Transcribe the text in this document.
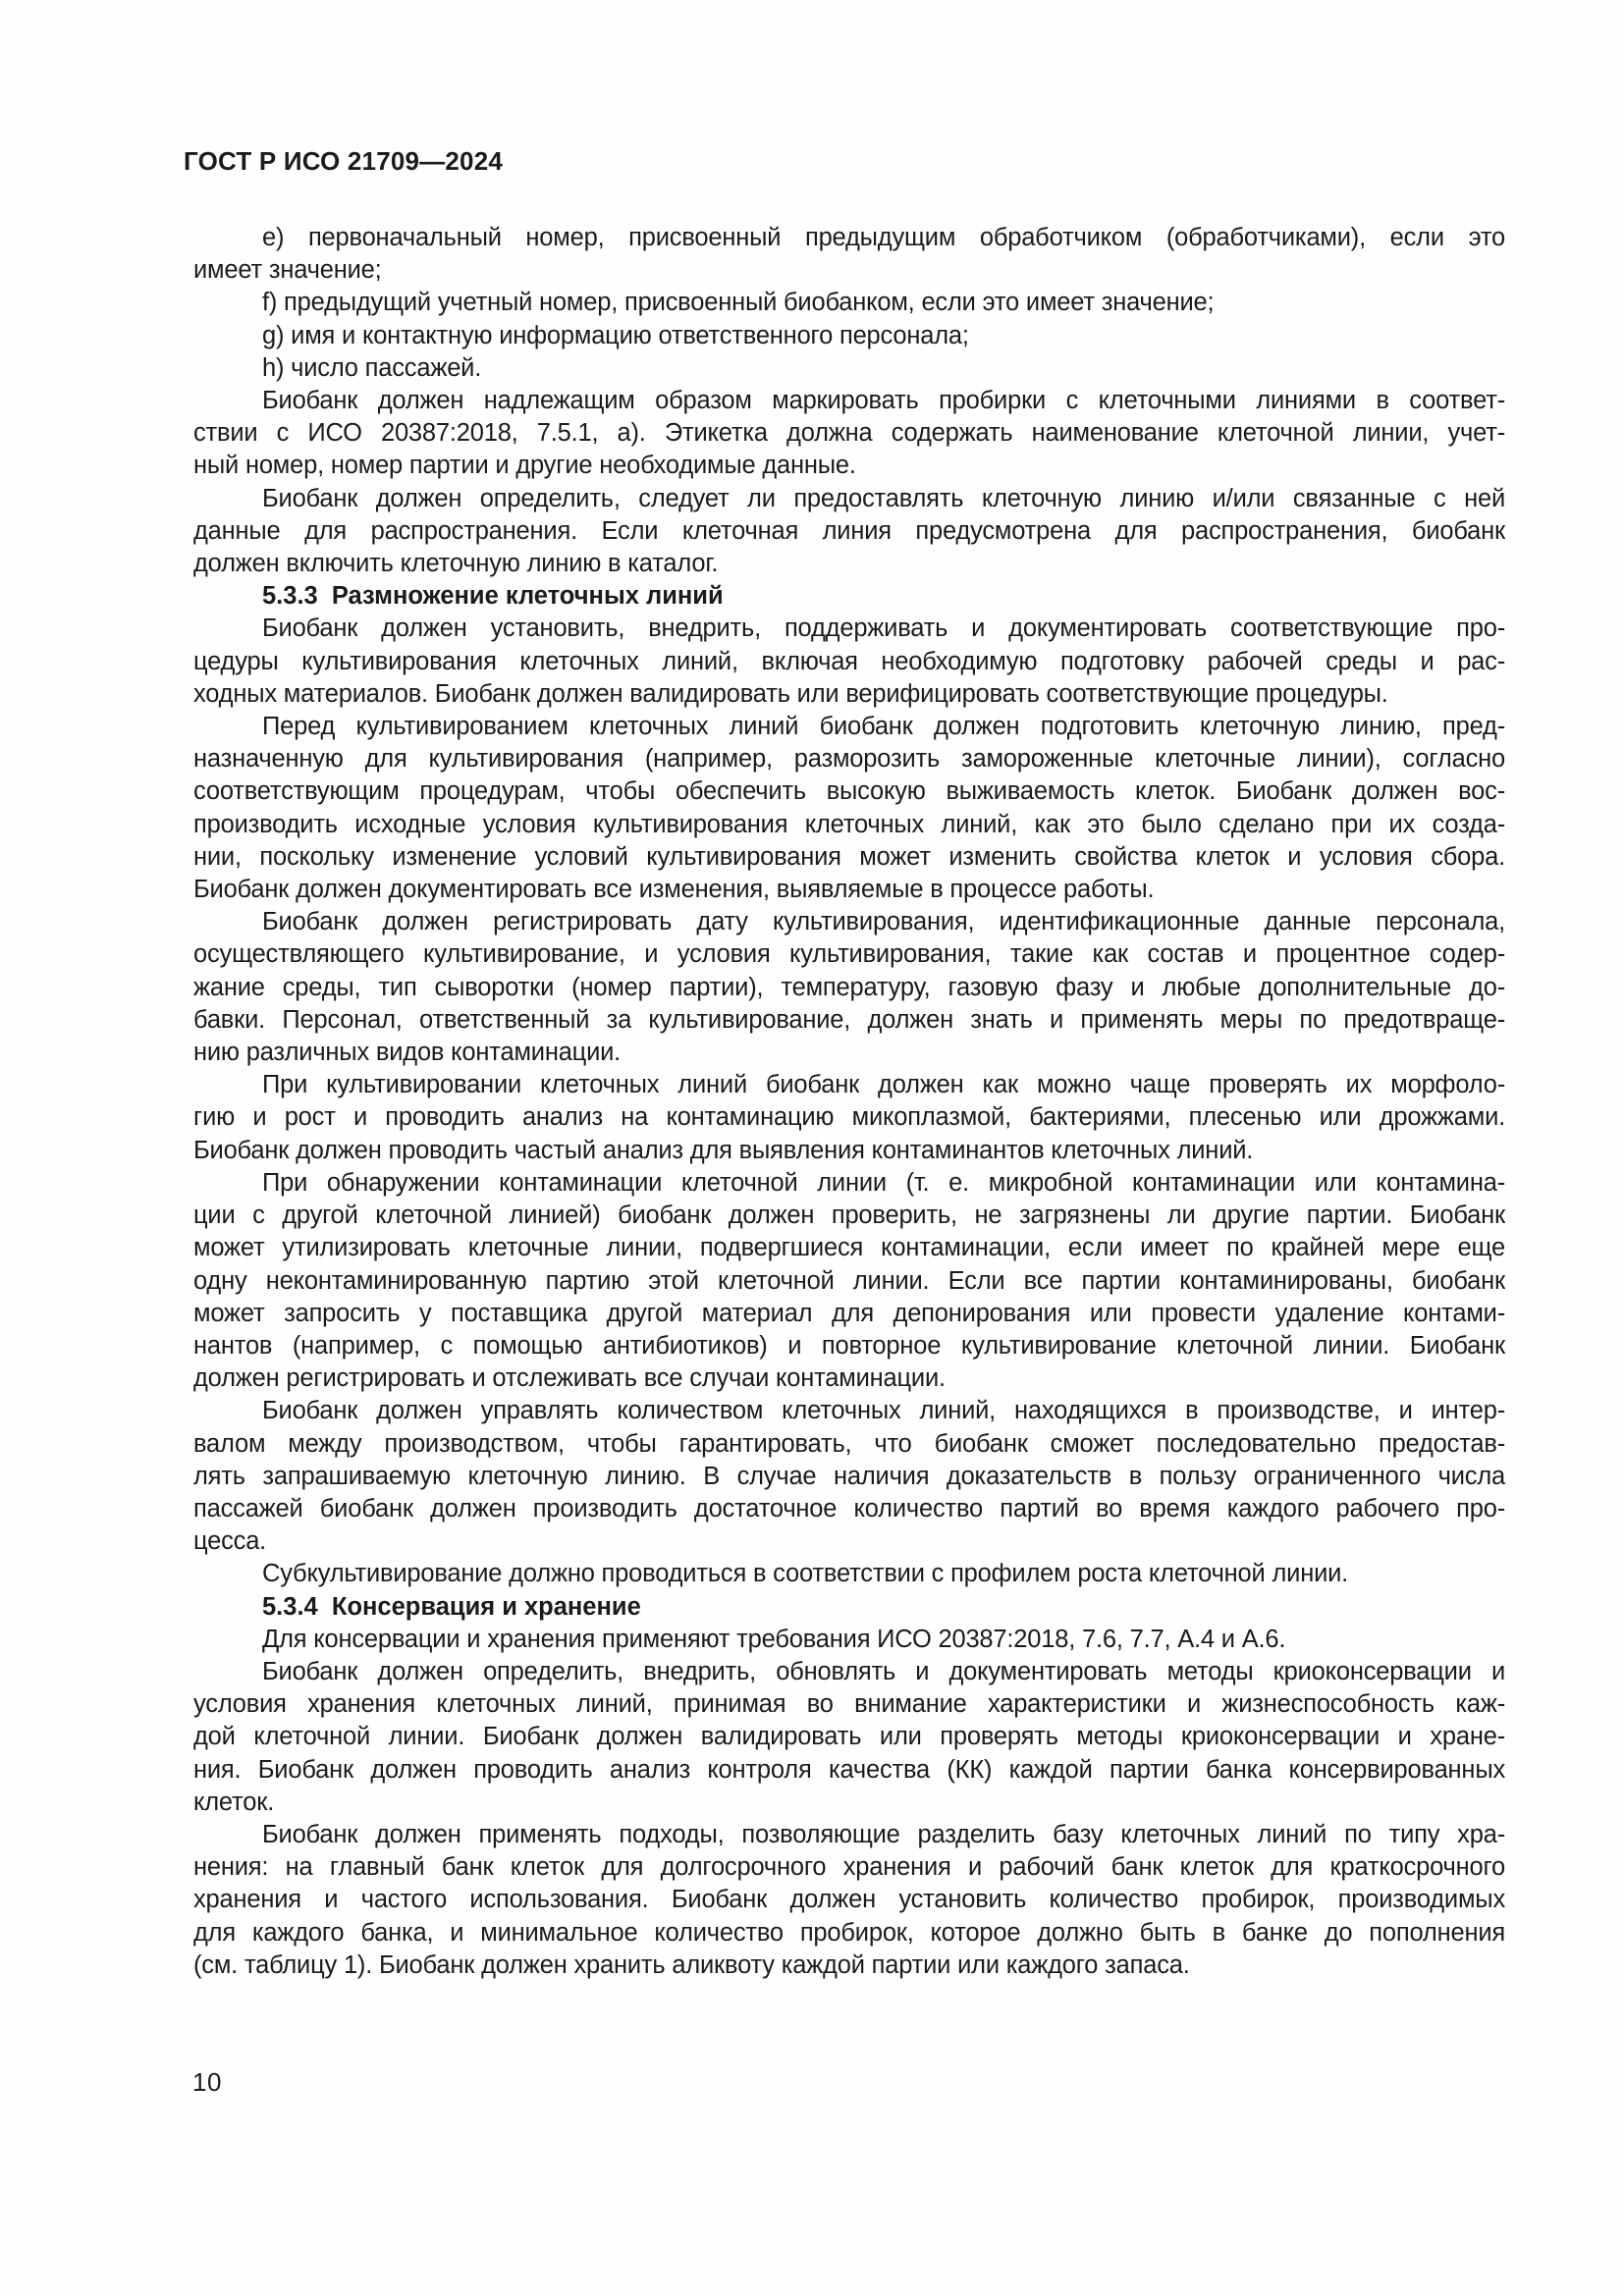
ГОСТ Р ИСО 21709—2024
e) первоначальный номер, присвоенный предыдущим обработчиком (обработчиками), если это
имеет значение;
f) предыдущий учетный номер, присвоенный биобанком, если это имеет значение;
g) имя и контактную информацию ответственного персонала;
h) число пассажей.
Биобанк должен надлежащим образом маркировать пробирки с клеточными линиями в соответ-
ствии с ИСО 20387:2018, 7.5.1, а). Этикетка должна содержать наименование клеточной линии, учет-
ный номер, номер партии и другие необходимые данные.
Биобанк должен определить, следует ли предоставлять клеточную линию и/или связанные с ней
данные для распространения. Если клеточная линия предусмотрена для распространения, биобанк
должен включить клеточную линию в каталог.
5.3.3  Размножение клеточных линий
Биобанк должен установить, внедрить, поддерживать и документировать соответствующие про-
цедуры культивирования клеточных линий, включая необходимую подготовку рабочей среды и рас-
ходных материалов. Биобанк должен валидировать или верифицировать соответствующие процедуры.
Перед культивированием клеточных линий биобанк должен подготовить клеточную линию, пред-
назначенную для культивирования (например, разморозить замороженные клеточные линии), согласно
соответствующим процедурам, чтобы обеспечить высокую выживаемость клеток. Биобанк должен вос-
производить исходные условия культивирования клеточных линий, как это было сделано при их созда-
нии, поскольку изменение условий культивирования может изменить свойства клеток и условия сбора.
Биобанк должен документировать все изменения, выявляемые в процессе работы.
Биобанк должен регистрировать дату культивирования, идентификационные данные персонала,
осуществляющего культивирование, и условия культивирования, такие как состав и процентное содер-
жание среды, тип сыворотки (номер партии), температуру, газовую фазу и любые дополнительные до-
бавки. Персонал, ответственный за культивирование, должен знать и применять меры по предотвраще-
нию различных видов контаминации.
При культивировании клеточных линий биобанк должен как можно чаще проверять их морфоло-
гию и рост и проводить анализ на контаминацию микоплазмой, бактериями, плесенью или дрожжами.
Биобанк должен проводить частый анализ для выявления контаминантов клеточных линий.
При обнаружении контаминации клеточной линии (т. е. микробной контаминации или контамина-
ции с другой клеточной линией) биобанк должен проверить, не загрязнены ли другие партии. Биобанк
может утилизировать клеточные линии, подвергшиеся контаминации, если имеет по крайней мере еще
одну неконтаминированную партию этой клеточной линии. Если все партии контаминированы, биобанк
может запросить у поставщика другой материал для депонирования или провести удаление контами-
нантов (например, с помощью антибиотиков) и повторное культивирование клеточной линии. Биобанк
должен регистрировать и отслеживать все случаи контаминации.
Биобанк должен управлять количеством клеточных линий, находящихся в производстве, и интер-
валом между производством, чтобы гарантировать, что биобанк сможет последовательно предостав-
лять запрашиваемую клеточную линию. В случае наличия доказательств в пользу ограниченного числа
пассажей биобанк должен производить достаточное количество партий во время каждого рабочего про-
цесса.
Субкультивирование должно проводиться в соответствии с профилем роста клеточной линии.
5.3.4  Консервация и хранение
Для консервации и хранения применяют требования ИСО 20387:2018, 7.6, 7.7, А.4 и А.6.
Биобанк должен определить, внедрить, обновлять и документировать методы криоконсервации и
условия хранения клеточных линий, принимая во внимание характеристики и жизнеспособность каж-
дой клеточной линии. Биобанк должен валидировать или проверять методы криоконсервации и хране-
ния. Биобанк должен проводить анализ контроля качества (КК) каждой партии банка консервированных
клеток.
Биобанк должен применять подходы, позволяющие разделить базу клеточных линий по типу хра-
нения: на главный банк клеток для долгосрочного хранения и рабочий банк клеток для краткосрочного
хранения и частого использования. Биобанк должен установить количество пробирок, производимых
для каждого банка, и минимальное количество пробирок, которое должно быть в банке до пополнения
(см. таблицу 1). Биобанк должен хранить аликвоту каждой партии или каждого запаса.
10
